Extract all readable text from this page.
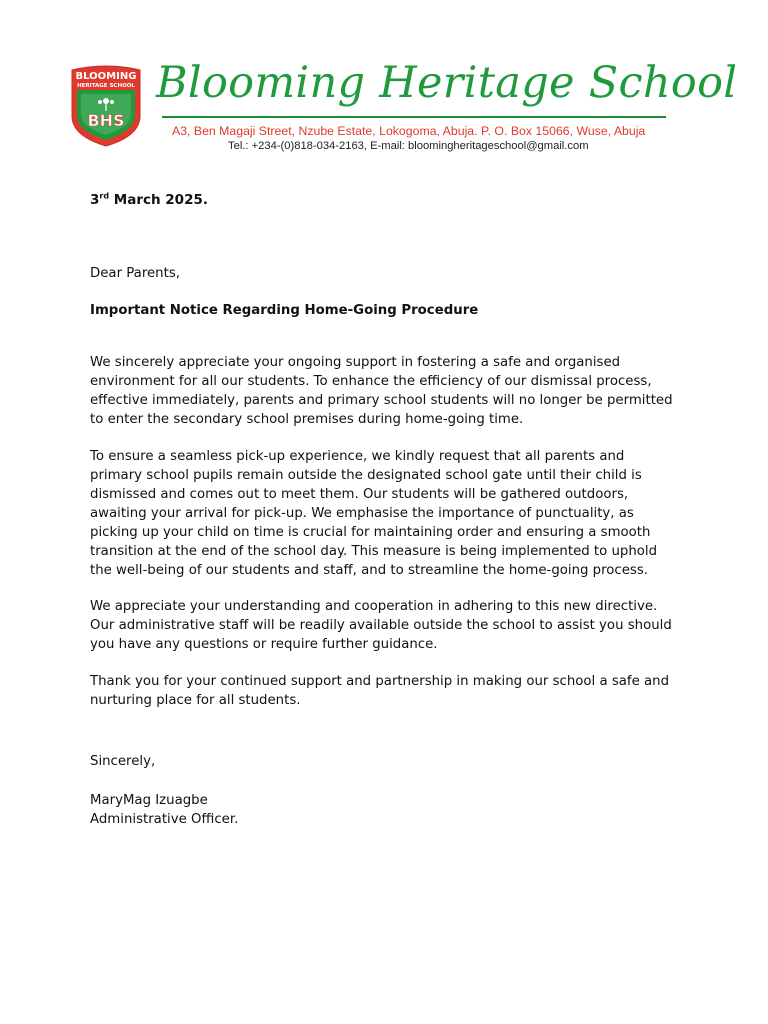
BLOOMING
HERITAGE SCHOOL
BHS
Blooming Heritage School
A3, Ben Magaji Street, Nzube Estate, Lokogoma, Abuja. P. O. Box 15066, Wuse, Abuja
Tel.: +234-(0)818-034-2163, E-mail: bloomingheritageschool@gmail.com
3rd March 2025.
Dear Parents,
Important Notice Regarding Home-Going Procedure

We sincerely appreciate your ongoing support in fostering a safe and organised environment for all our students. To enhance the efficiency of our dismissal process, effective immediately, parents and primary school students will no longer be permitted to enter the secondary school premises during home-going time.

To ensure a seamless pick-up experience, we kindly request that all parents and primary school pupils remain outside the designated school gate until their child is dismissed and comes out to meet them. Our students will be gathered outdoors, awaiting your arrival for pick-up. We emphasise the importance of punctuality, as picking up your child on time is crucial for maintaining order and ensuring a smooth transition at the end of the school day. This measure is being implemented to uphold the well-being of our students and staff, and to streamline the home-going process.

We appreciate your understanding and cooperation in adhering to this new directive. Our administrative staff will be readily available outside the school to assist you should you have any questions or require further guidance.

Thank you for your continued support and partnership in making our school a safe and nurturing place for all students.

Sincerely,
MaryMag Izuagbe
Administrative Officer.
